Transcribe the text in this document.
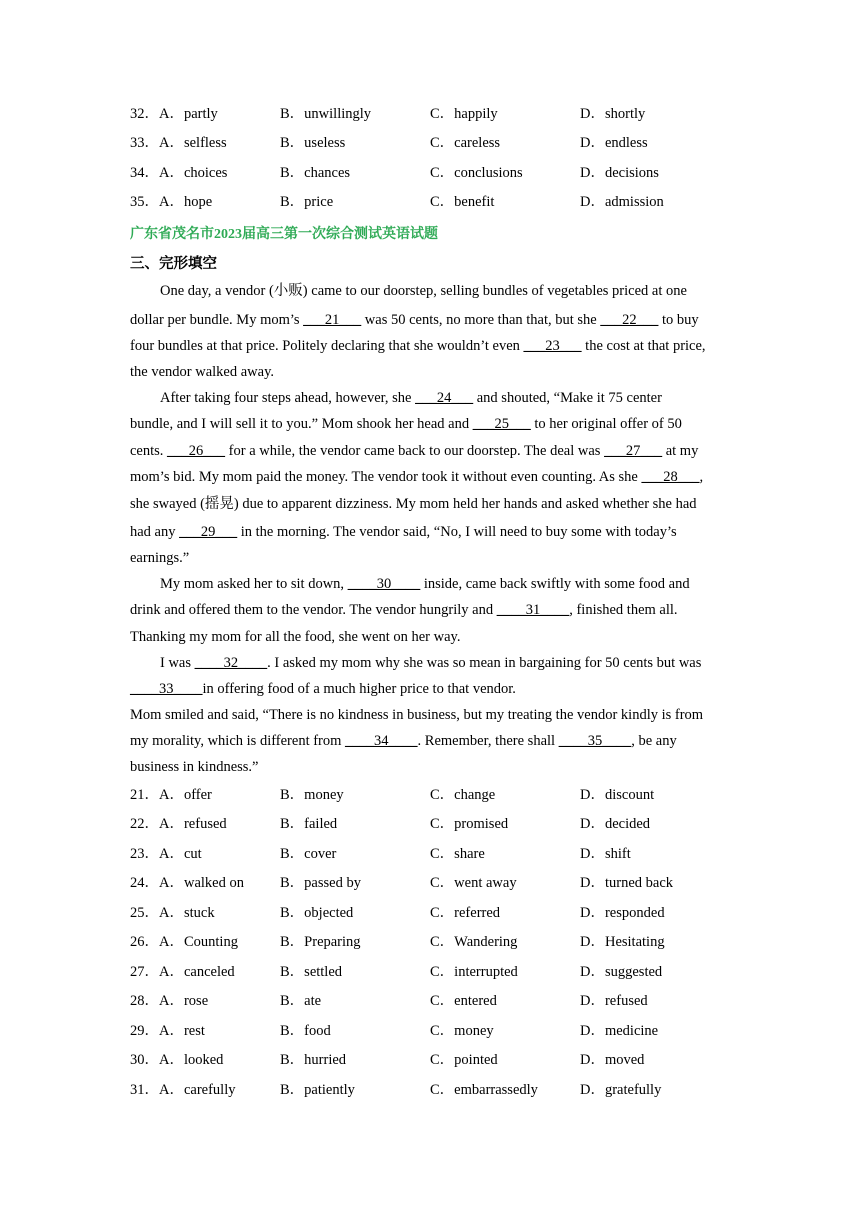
32．A．partly	B．unwillingly	C．happily	D．shortly
33．A．selfless	B．useless	C．careless	D．endless
34．A．choices	B．chances	C．conclusions	D．decisions
35．A．hope	B．price	C．benefit	D．admission
广东省茂名市2023届高三第一次综合测试英语试题
三、完形填空
One day, a vendor (小贩) came to our doorstep, selling bundles of vegetables priced at one
dollar per bundle. My mom’s ___21___ was 50 cents, no more than that, but she ___22___ to buy
four bundles at that price. Politely declaring that she wouldn’t even ___23___ the cost at that price,
the vendor walked away.
After taking four steps ahead, however, she ___24___ and shouted, “Make it 75 center
bundle, and I will sell it to you.” Mom shook her head and ___25___ to her original offer of 50
cents. ___26___ for a while, the vendor came back to our doorstep. The deal was ___27___ at my
mom’s bid. My mom paid the money. The vendor took it without even counting. As she ___28___,
she swayed (摇晃) due to apparent dizziness. My mom held her hands and asked whether she had
had any ___29___ in the morning. The vendor said, “No, I will need to buy some with today’s
earnings.”
My mom asked her to sit down, ____30____ inside, came back swiftly with some food and
drink and offered them to the vendor. The vendor hungrily and ____31____, finished them all.
Thanking my mom for all the food, she went on her way.
I was ____32____. I asked my mom why she was so mean in bargaining for 50 cents but was
____33____in offering food of a much higher price to that vendor.
Mom smiled and said, “There is no kindness in business, but my treating the vendor kindly is from
my morality, which is different from ____34____. Remember, there shall ____35____, be any
business in kindness.”
21．A．offer	B．money	C．change	D．discount
22．A．refused	B．failed	C．promised	D．decided
23．A．cut	B．cover	C．share	D．shift
24．A．walked on B．passed by	C．went away	D．turned back
25．A．stuck	B．objected	C．referred	D．responded
26．A．Counting	B．Preparing	C．Wandering	D．Hesitating
27．A．canceled	B．settled	C．interrupted	D．suggested
28．A．rose	B．ate	C．entered	D．refused
29．A．rest	B．food	C．money	D．medicine
30．A．looked	B．hurried	C．pointed	D．moved
31．A．carefully	B．patiently	C．embarrassedly	D．gratefully
